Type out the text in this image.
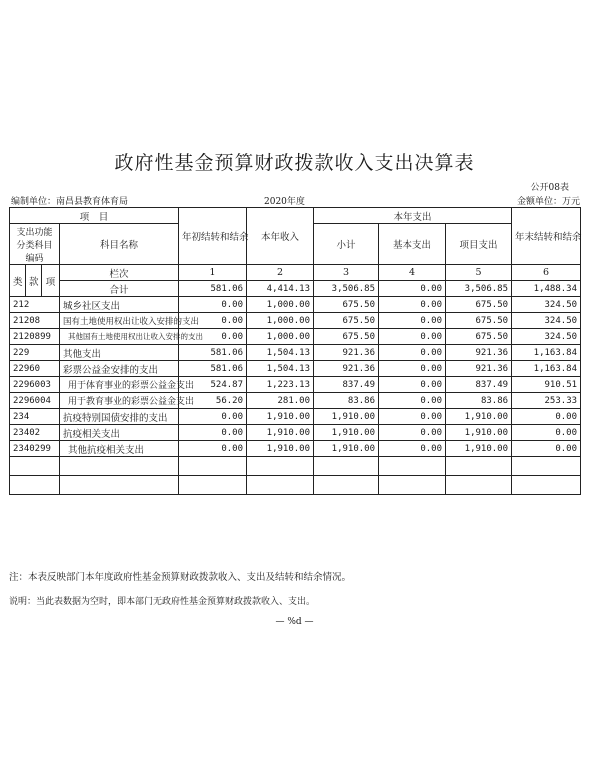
政府性基金预算财政拨款收入支出决算表
公开08表
编制单位：南昌县教育体育局	2020年度	金额单位：万元
项　目				年初结转和结余	本年收入	本年支出			年末结转和结余
支出功能分类科目编码			科目名称			小计	基本支出	项目支出	

类	款	项	栏次	1	2	3	4	5	6
			合计	581.06	4,414.13	3,506.85	0.00	3,506.85	1,488.34
212			城乡社区支出	0.00	1,000.00	675.50	0.00	675.50	324.50
21208			国有土地使用权出让收入安排的支出	0.00	1,000.00	675.50	0.00	675.50	324.50
2120899			其他国有土地使用权出让收入安排的支出	0.00	1,000.00	675.50	0.00	675.50	324.50
229			其他支出	581.06	1,504.13	921.36	0.00	921.36	1,163.84
22960			彩票公益金安排的支出	581.06	1,504.13	921.36	0.00	921.36	1,163.84
2296003			用于体育事业的彩票公益金支出	524.87	1,223.13	837.49	0.00	837.49	910.51
2296004			用于教育事业的彩票公益金支出	56.20	281.00	83.86	0.00	83.86	253.33
234			抗疫特别国债安排的支出	0.00	1,910.00	1,910.00	0.00	1,910.00	0.00
23402			抗疫相关支出	0.00	1,910.00	1,910.00	0.00	1,910.00	0.00
2340299			其他抗疫相关支出	0.00	1,910.00	1,910.00	0.00	1,910.00	0.00

注：本表反映部门本年度政府性基金预算财政拨款收入、支出及结转和结余情况。
说明：当此表数据为空时，即本部门无政府性基金预算财政拨款收入、支出。
— %d —
